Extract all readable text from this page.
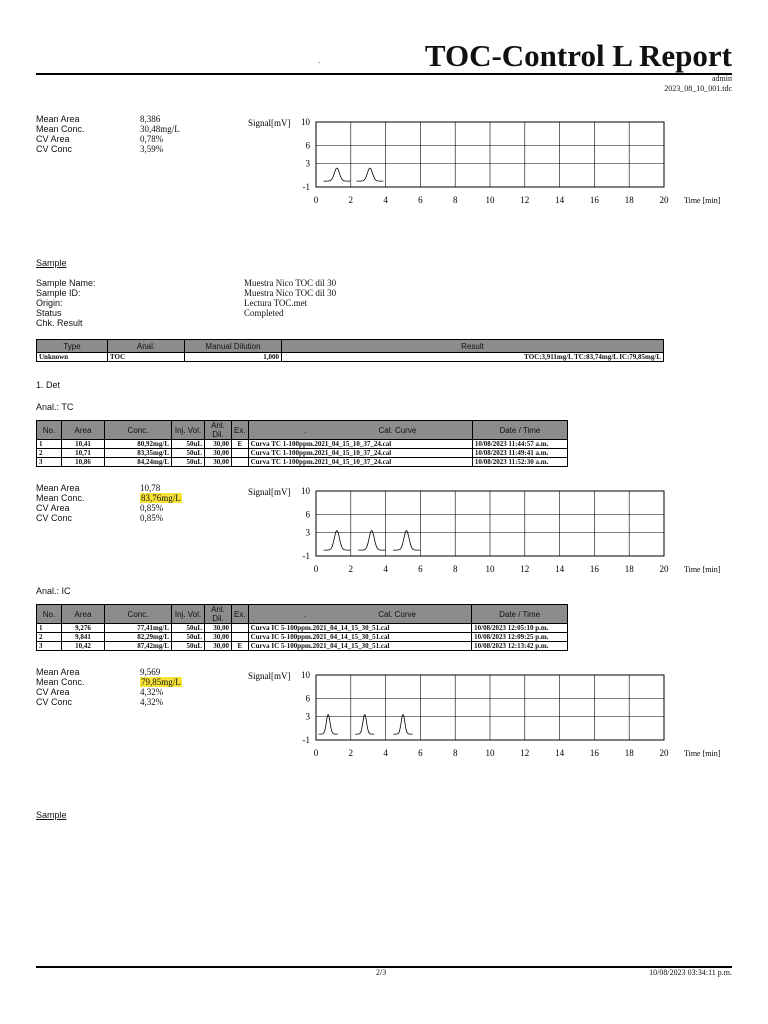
TOC-Control L Report
.
admin
2023_08_10_001.tdc
Mean Area	8,386
Mean Conc.	30,48mg/L
CV Area	0,78%
CV Conc	3,59%
Signal[mV] 10
6
3
-1
0	2	4	6	8	10	12	14	16	18	20 Time [min]
Sample
Sample Name:	Muestra Nico TOC dil 30
Sample ID:	Muestra Nico TOC dil 30
Origin:	Lectura TOC.met
Status	Completed
Chk. Result
Type	Anal.	Manual Dilution	Result
Unknown	TOC	1,000	TOC:3,911mg/L TC:83,74mg/L IC:79,85mg/L
1. Det
Anal.: TC
No.	Area	Conc.	Inj. Vol.	Anl. Dil.	Ex.	. Cal. Curve	Date / Time
1	10,41	80,92mg/L	50uL	30,00	E	Curva TC 1-100ppm.2021_04_15_10_37_24.cal	10/08/2023 11:44:57 a.m.
2	10,71	83,35mg/L	50uL	30,00		Curva TC 1-100ppm.2021_04_15_10_37_24.cal	10/08/2023 11:49:41 a.m.
3	10,86	84,24mg/L	50uL	30,00		Curva TC 1-100ppm.2021_04_15_10_37_24.cal	10/08/2023 11:52:30 a.m.
Mean Area	10,78
Mean Conc.	83,76mg/L
CV Area	0,85%
CV Conc	0,85%
Signal[mV] 10
6
3
-1
0	2	4	6	8	10	12	14	16	18	20 Time [min]
Anal.: IC
No.	Area	Conc.	Inj. Vol.	Anl. Dil.	Ex.	. Cal. Curve	Date / Time
1	9,276	77,41mg/L	50uL	30,00		Curva IC 5-100ppm.2021_04_14_15_30_51.cal	10/08/2023 12:05:10 p.m.
2	9,841	82,29mg/L	50uL	30,00		Curva IC 5-100ppm.2021_04_14_15_30_51.cal	10/08/2023 12:09:25 p.m.
3	10,42	87,42mg/L	50uL	30,00	E	Curva IC 5-100ppm.2021_04_14_15_30_51.cal	10/08/2023 12:13:42 p.m.
Mean Area	9,569
Mean Conc.	79,85mg/L
CV Area	4,32%
CV Conc	4,32%
Signal[mV] 10
6
3
-1
0	2	4	6	8	10	12	14	16	18	20 Time [min]
Sample
2/3	10/08/2023 03:34:11 p.m.
